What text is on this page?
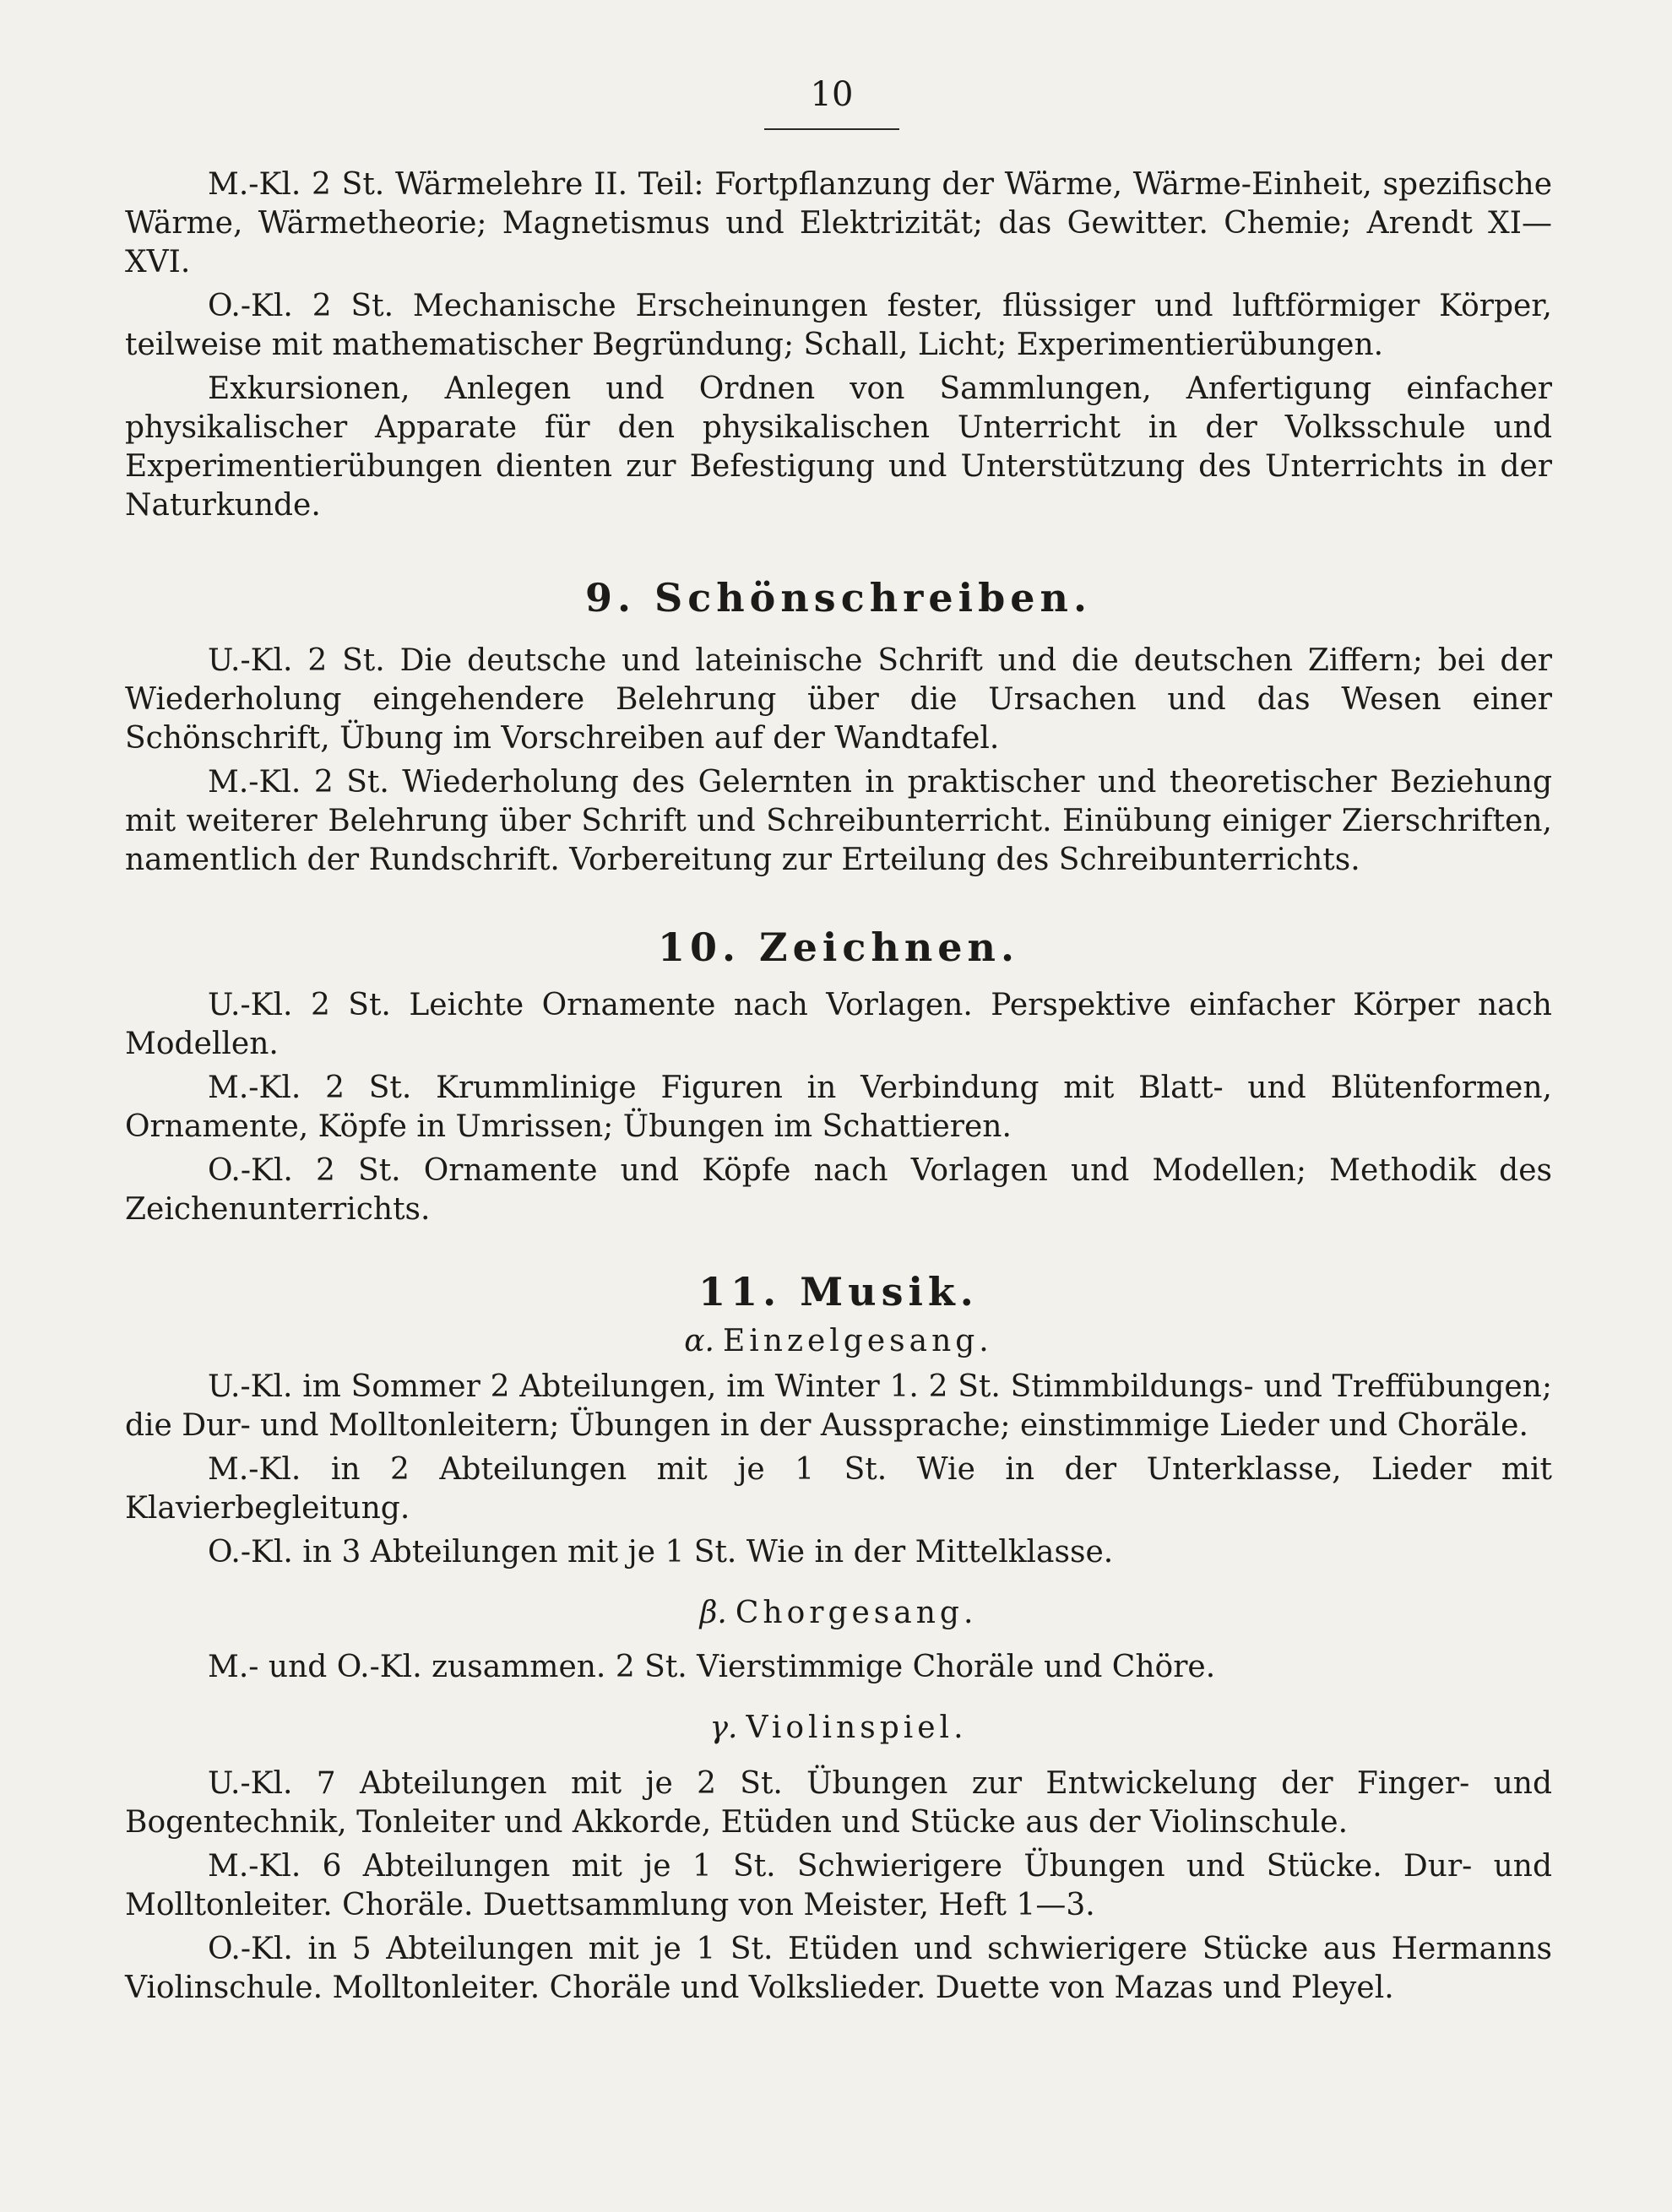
10

M.-Kl. 2 St. Wärmelehre II. Teil: Fortpflanzung der Wärme, Wärme-Einheit, spezifische Wärme, Wärmetheorie; Magnetismus und Elektrizität; das Gewitter. Chemie; Arendt XI—XVI.

O.-Kl. 2 St. Mechanische Erscheinungen fester, flüssiger und luftförmiger Körper, teilweise mit mathematischer Begründung; Schall, Licht; Experimentierübungen.

Exkursionen, Anlegen und Ordnen von Sammlungen, Anfertigung einfacher physikalischer Apparate für den physikalischen Unterricht in der Volksschule und Experimentierübungen dienten zur Befestigung und Unterstützung des Unterrichts in der Naturkunde.

9. Schönschreiben.

U.-Kl. 2 St. Die deutsche und lateinische Schrift und die deutschen Ziffern; bei der Wiederholung eingehendere Belehrung über die Ursachen und das Wesen einer Schönschrift, Übung im Vorschreiben auf der Wandtafel.

M.-Kl. 2 St. Wiederholung des Gelernten in praktischer und theoretischer Beziehung mit weiterer Belehrung über Schrift und Schreibunterricht. Einübung einiger Zierschriften, namentlich der Rundschrift. Vorbereitung zur Erteilung des Schreibunterrichts.

10. Zeichnen.

U.-Kl. 2 St. Leichte Ornamente nach Vorlagen. Perspektive einfacher Körper nach Modellen.

M.-Kl. 2 St. Krummlinige Figuren in Verbindung mit Blatt- und Blütenformen, Ornamente, Köpfe in Umrissen; Übungen im Schattieren.

O.-Kl. 2 St. Ornamente und Köpfe nach Vorlagen und Modellen; Methodik des Zeichenunterrichts.

11. Musik.
α. Einzelgesang.

U.-Kl. im Sommer 2 Abteilungen, im Winter 1. 2 St. Stimmbildungs- und Treffübungen; die Dur- und Molltonleitern; Übungen in der Aussprache; einstimmige Lieder und Choräle.

M.-Kl. in 2 Abteilungen mit je 1 St. Wie in der Unterklasse, Lieder mit Klavierbegleitung.

O.-Kl. in 3 Abteilungen mit je 1 St. Wie in der Mittelklasse.

β. Chorgesang.

M.- und O.-Kl. zusammen. 2 St. Vierstimmige Choräle und Chöre.

γ. Violinspiel.

U.-Kl. 7 Abteilungen mit je 2 St. Übungen zur Entwickelung der Finger- und Bogentechnik, Tonleiter und Akkorde, Etüden und Stücke aus der Violinschule.

M.-Kl. 6 Abteilungen mit je 1 St. Schwierigere Übungen und Stücke. Dur- und Molltonleiter. Choräle. Duettsammlung von Meister, Heft 1—3.

O.-Kl. in 5 Abteilungen mit je 1 St. Etüden und schwierigere Stücke aus Hermanns Violinschule. Molltonleiter. Choräle und Volkslieder. Duette von Mazas und Pleyel.
